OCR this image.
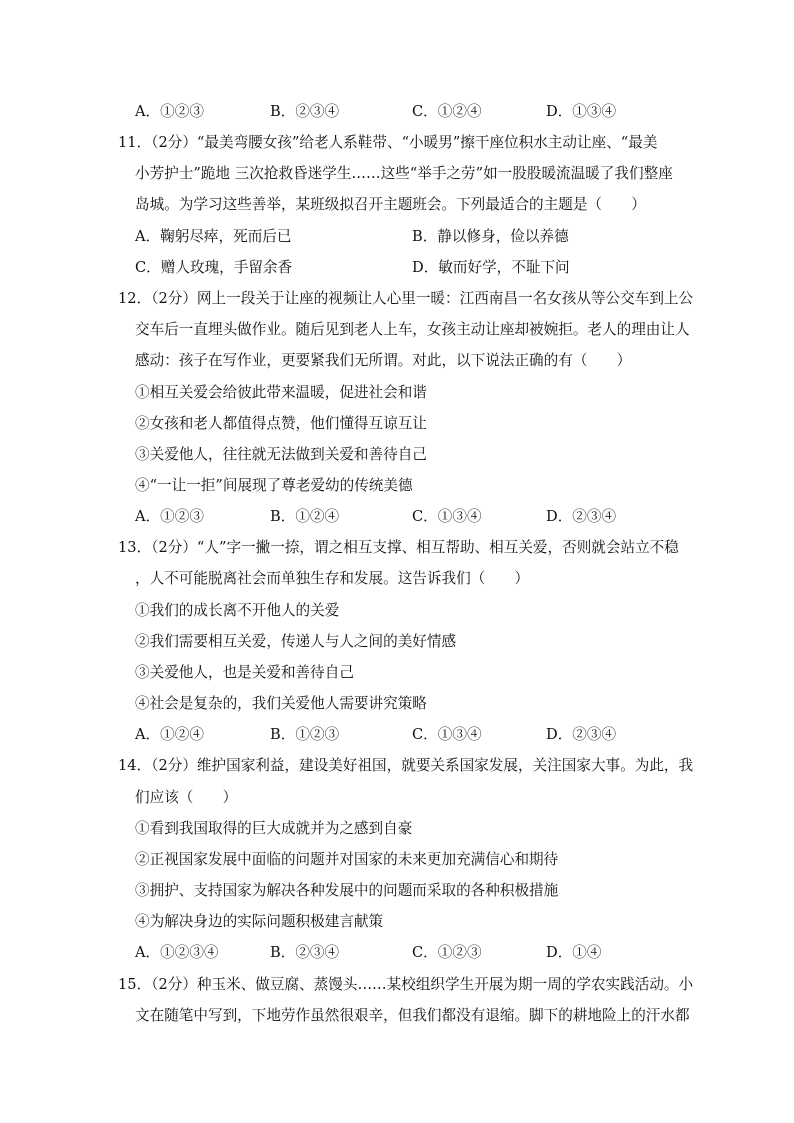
A．①②③	B．②③④	C．①②④	D．①③④
11．（2分）“最美弯腰女孩”给老人系鞋带、“小暖男”擦干座位积水主动让座、“最美
小芳护士”跪地 三次抢救昏迷学生……这些“举手之劳”如一股股暖流温暖了我们整座
岛城。为学习这些善举，某班级拟召开主题班会。下列最适合的主题是（　　）
A．鞠躬尽瘁，死而后已	B．静以修身，俭以养德
C．赠人玫瑰，手留余香	D．敏而好学，不耻下问
12．（2分）网上一段关于让座的视频让人心里一暖：江西南昌一名女孩从等公交车到上公
交车后一直埋头做作业。随后见到老人上车，女孩主动让座却被婉拒。老人的理由让人
感动：孩子在写作业，更要紧我们无所谓。对此，以下说法正确的有（　　）
①相互关爱会给彼此带来温暖，促进社会和谐
②女孩和老人都值得点赞，他们懂得互谅互让
③关爱他人，往往就无法做到关爱和善待自己
④“一让一拒”间展现了尊老爱幼的传统美德
A．①②③	B．①②④	C．①③④	D．②③④
13．（2分）“人”字一撇一捺，谓之相互支撑、相互帮助、相互关爱，否则就会站立不稳
，人不可能脱离社会而单独生存和发展。这告诉我们（　　）
①我们的成长离不开他人的关爱
②我们需要相互关爱，传递人与人之间的美好情感
③关爱他人，也是关爱和善待自己
④社会是复杂的，我们关爱他人需要讲究策略
A．①②④	B．①②③	C．①③④	D．②③④
14．（2分）维护国家利益，建设美好祖国，就要关系国家发展，关注国家大事。为此，我
们应该（　　）
①看到我国取得的巨大成就并为之感到自豪
②正视国家发展中面临的问题并对国家的未来更加充满信心和期待
③拥护、支持国家为解决各种发展中的问题而采取的各种积极措施
④为解决身边的实际问题积极建言献策
A．①②③④	B．②③④	C．①②③	D．①④
15．（2分）种玉米、做豆腐、蒸馒头……某校组织学生开展为期一周的学农实践活动。小
文在随笔中写到，下地劳作虽然很艰辛，但我们都没有退缩。脚下的耕地险上的汗水都
